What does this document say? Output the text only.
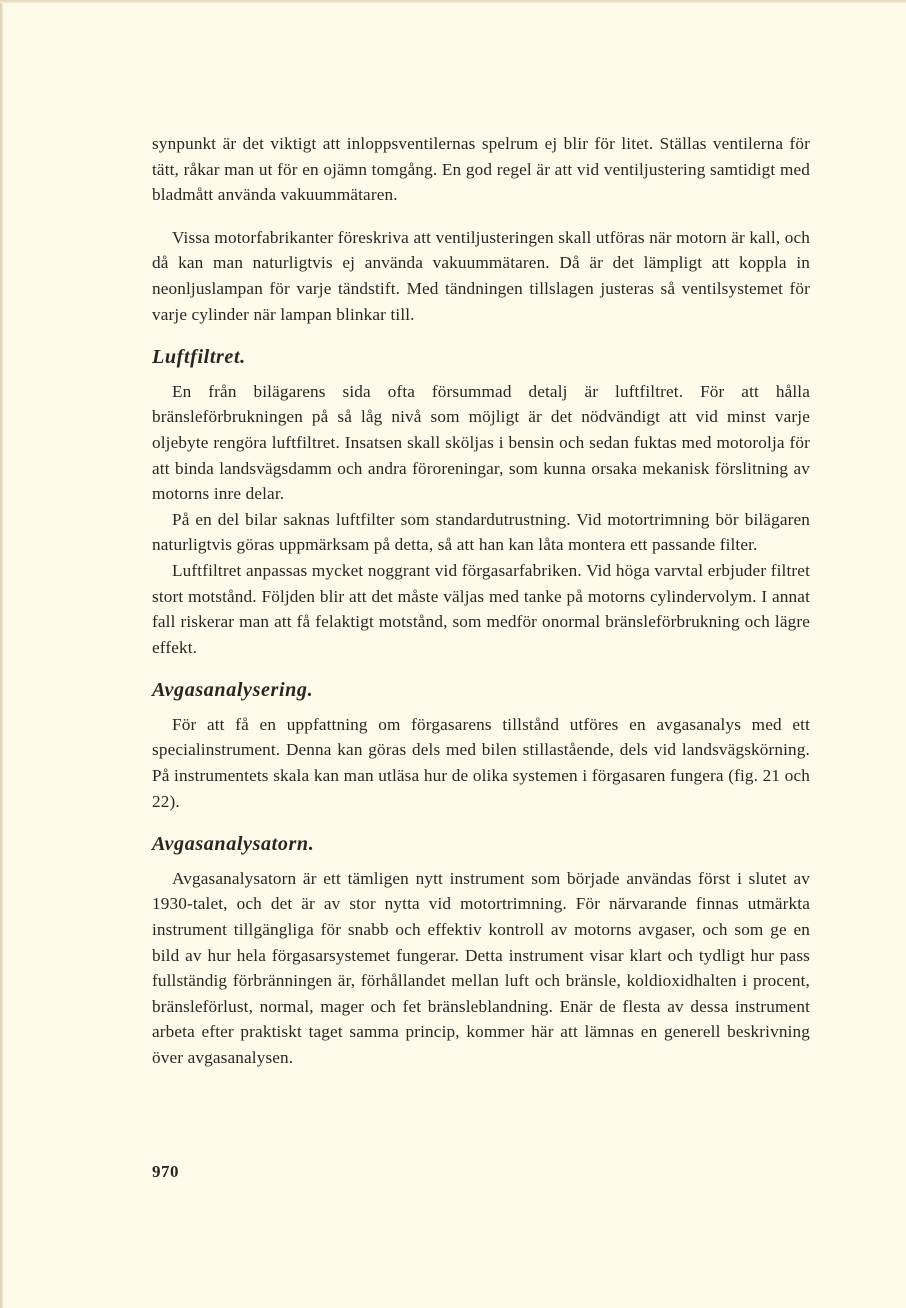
synpunkt är det viktigt att inloppsventilernas spelrum ej blir för litet. Ställas ventilerna för tätt, råkar man ut för en ojämn tomgång. En god regel är att vid ventiljustering samtidigt med bladmått använda vakuummätaren.

Vissa motorfabrikanter föreskriva att ventiljusteringen skall utföras när motorn är kall, och då kan man naturligtvis ej använda vakuummätaren. Då är det lämpligt att koppla in neonljuslampan för varje tändstift. Med tändningen tillslagen justeras så ventilsystemet för varje cylinder när lampan blinkar till.

Luftfiltret.

En från bilägarens sida ofta försummad detalj är luftfiltret. För att hålla bränsleförbrukningen på så låg nivå som möjligt är det nödvändigt att vid minst varje oljebyte rengöra luftfiltret. Insatsen skall sköljas i bensin och sedan fuktas med motorolja för att binda landsvägsdamm och andra föroreningar, som kunna orsaka mekanisk förslitning av motorns inre delar.

På en del bilar saknas luftfilter som standardutrustning. Vid motortrimning bör bilägaren naturligtvis göras uppmärksam på detta, så att han kan låta montera ett passande filter.

Luftfiltret anpassas mycket noggrant vid förgasarfabriken. Vid höga varvtal erbjuder filtret stort motstånd. Följden blir att det måste väljas med tanke på motorns cylindervolym. I annat fall riskerar man att få felaktigt motstånd, som medför onormal bränsleförbrukning och lägre effekt.

Avgasanalysering.

För att få en uppfattning om förgasarens tillstånd utföres en avgasanalys med ett specialinstrument. Denna kan göras dels med bilen stillastående, dels vid landsvägskörning. På instrumentets skala kan man utläsa hur de olika systemen i förgasaren fungera (fig. 21 och 22).

Avgasanalysatorn.

Avgasanalysatorn är ett tämligen nytt instrument som började användas först i slutet av 1930-talet, och det är av stor nytta vid motortrimning. För närvarande finnas utmärkta instrument tillgängliga för snabb och effektiv kontroll av motorns avgaser, och som ge en bild av hur hela förgasarsystemet fungerar. Detta instrument visar klart och tydligt hur pass fullständig förbränningen är, förhållandet mellan luft och bränsle, koldioxidhalten i procent, bränsleförlust, normal, mager och fet bränsleblandning. Enär de flesta av dessa instrument arbeta efter praktiskt taget samma princip, kommer här att lämnas en generell beskrivning över avgasanalysen.

970
